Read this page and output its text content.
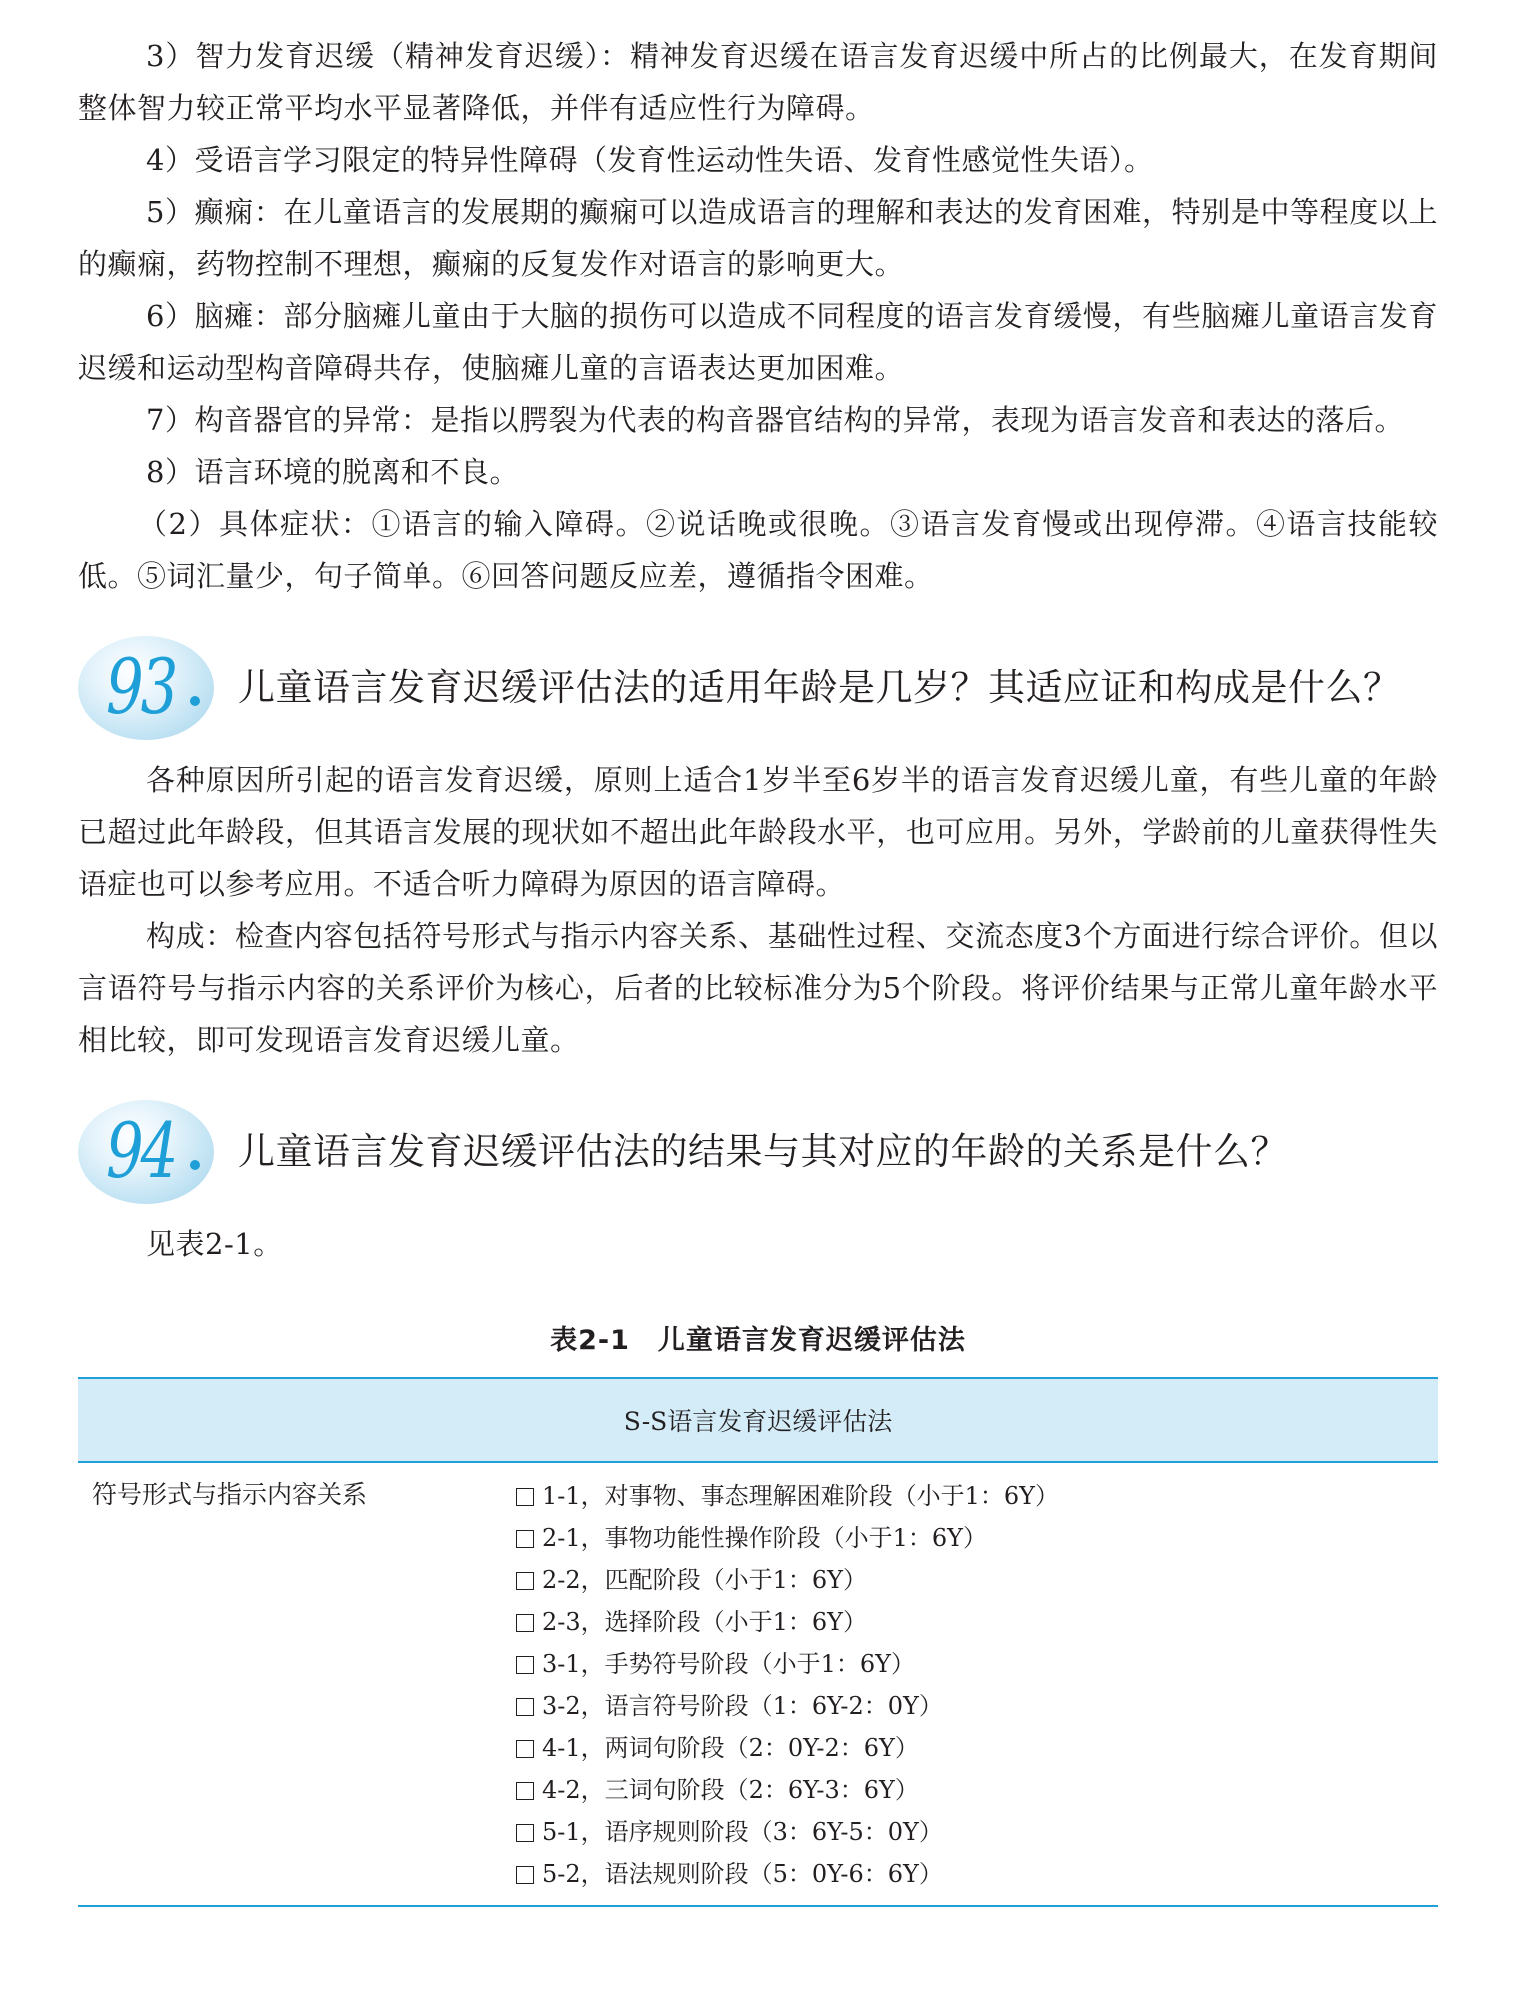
3）智力发育迟缓（精神发育迟缓）：精神发育迟缓在语言发育迟缓中所占的比例最大，在发育期间整体智力较正常平均水平显著降低，并伴有适应性行为障碍。

4）受语言学习限定的特异性障碍（发育性运动性失语、发育性感觉性失语）。

5）癫痫：在儿童语言的发展期的癫痫可以造成语言的理解和表达的发育困难，特别是中等程度以上的癫痫，药物控制不理想，癫痫的反复发作对语言的影响更大。

6）脑瘫：部分脑瘫儿童由于大脑的损伤可以造成不同程度的语言发育缓慢，有些脑瘫儿童语言发育迟缓和运动型构音障碍共存，使脑瘫儿童的言语表达更加困难。

7）构音器官的异常：是指以腭裂为代表的构音器官结构的异常，表现为语言发音和表达的落后。

8）语言环境的脱离和不良。

（2）具体症状：①语言的输入障碍。②说话晚或很晚。③语言发育慢或出现停滞。④语言技能较低。⑤词汇量少，句子简单。⑥回答问题反应差，遵循指令困难。

93 儿童语言发育迟缓评估法的适用年龄是几岁？其适应证和构成是什么？

各种原因所引起的语言发育迟缓，原则上适合1岁半至6岁半的语言发育迟缓儿童，有些儿童的年龄已超过此年龄段，但其语言发展的现状如不超出此年龄段水平，也可应用。另外，学龄前的儿童获得性失语症也可以参考应用。不适合听力障碍为原因的语言障碍。

构成：检查内容包括符号形式与指示内容关系、基础性过程、交流态度3个方面进行综合评价。但以言语符号与指示内容的关系评价为核心，后者的比较标准分为5个阶段。将评价结果与正常儿童年龄水平相比较，即可发现语言发育迟缓儿童。

94 儿童语言发育迟缓评估法的结果与其对应的年龄的关系是什么？

见表2-1。

表2-1 儿童语言发育迟缓评估法
S-S语言发育迟缓评估法
符号形式与指示内容关系	1-1，对事物、事态理解困难阶段（小于1：6Y）
2-1，事物功能性操作阶段（小于1：6Y）
2-2，匹配阶段（小于1：6Y）
2-3，选择阶段（小于1：6Y）
3-1，手势符号阶段（小于1：6Y）
3-2，语言符号阶段（1：6Y-2：0Y）
4-1，两词句阶段（2：0Y-2：6Y）
4-2，三词句阶段（2：6Y-3：6Y）
5-1，语序规则阶段（3：6Y-5：0Y）
5-2，语法规则阶段（5：0Y-6：6Y）
